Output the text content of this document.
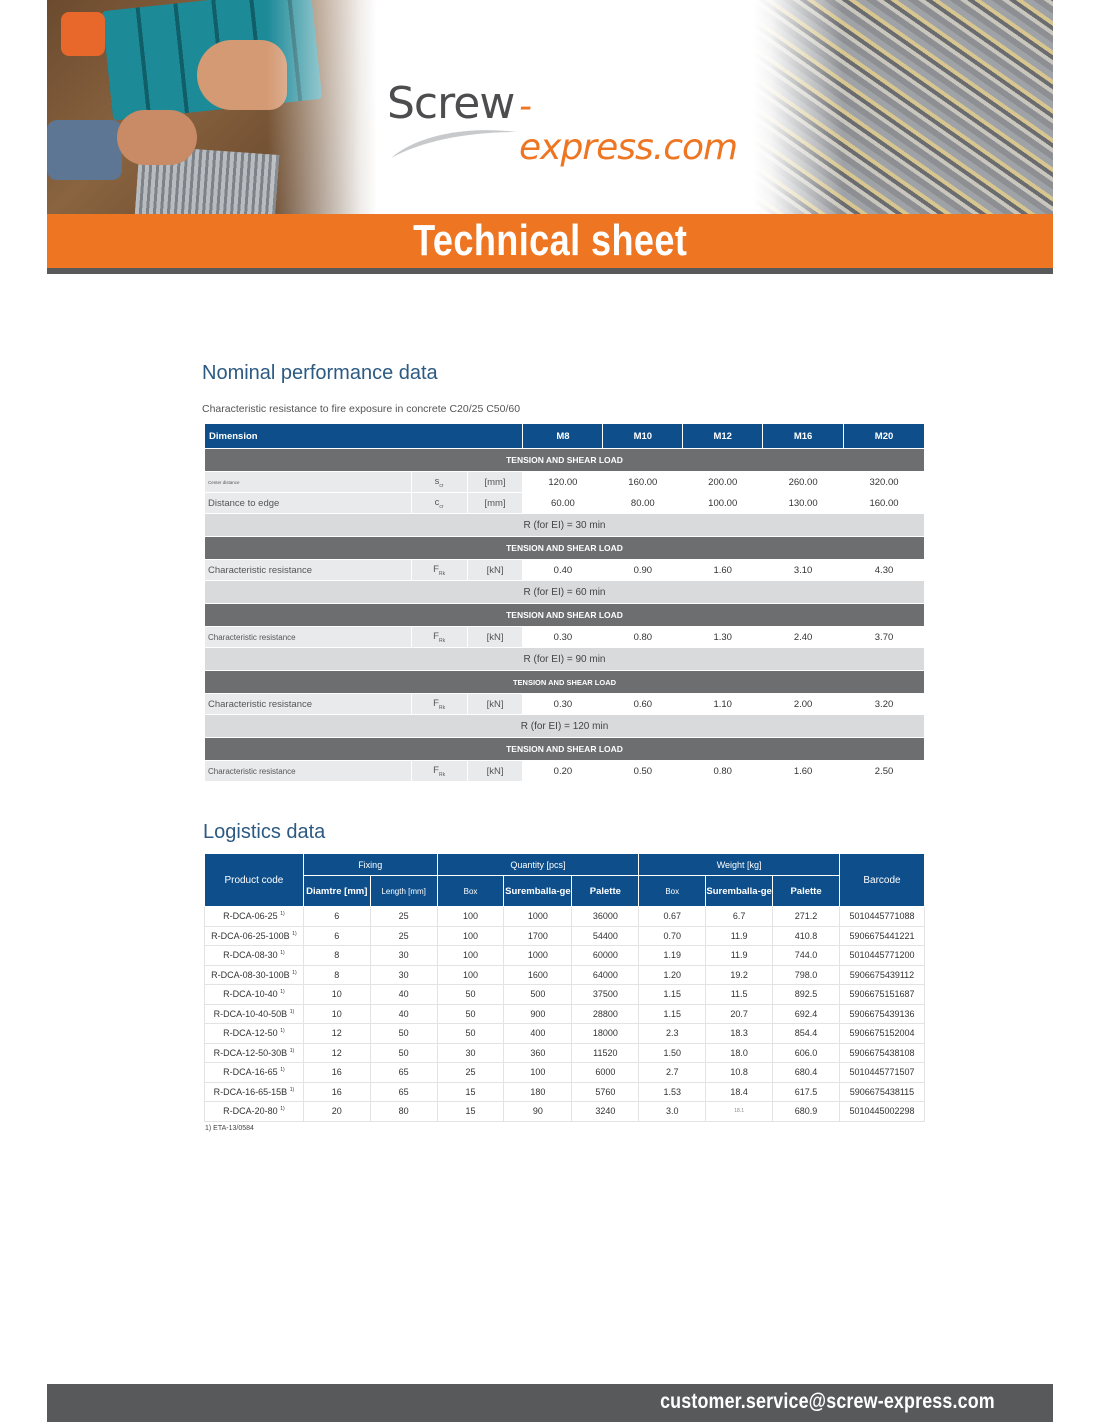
Screw -express.com
Technical sheet
Nominal performance data
Characteristic resistance to fire exposure in concrete C20/25 C50/60
Dimension			M8	M10	M12	M16	M20
TENSION AND SHEAR LOAD							
Center distance	$s_{cr}$	[mm]	120.00	160.00	200.00	260.00	320.00
Distance to edge	$c_{cr}$	[mm]	60.00	80.00	100.00	130.00	160.00
R (for EI) = 30 min							
TENSION AND SHEAR LOAD							
Characteristic resistance	$F_{Rk}$	[kN]	0.40	0.90	1.60	3.10	4.30
R (for EI) = 60 min							
TENSION AND SHEAR LOAD							
Characteristic resistance	$F_{Rk}$	[kN]	0.30	0.80	1.30	2.40	3.70
R (for EI) = 90 min							
TENSION AND SHEAR LOAD							
Characteristic resistance	$F_{Rk}$	[kN]	0.30	0.60	1.10	2.00	3.20
R (for EI) = 120 min							
TENSION AND SHEAR LOAD							
Characteristic resistance	$F_{Rk}$	[kN]	0.20	0.50	0.80	1.60	2.50
Logistics data
Product code	Fixing		Quantity [pcs]			Weight [kg]			Barcode
	Diamtre [mm]	Length [mm]	Box	Suremballa-ge	Palette	Box	Suremballa-ge	Palette	
R-DCA-06-25 $^{1)}$	6	25	100	1000	36000	0.67	6.7	271.2	5010445771088
R-DCA-06-25-100B $^{1)}$	6	25	100	1700	54400	0.70	11.9	410.8	5906675441221
R-DCA-08-30 $^{1)}$	8	30	100	1000	60000	1.19	11.9	744.0	5010445771200
R-DCA-08-30-100B $^{1)}$	8	30	100	1600	64000	1.20	19.2	798.0	5906675439112
R-DCA-10-40 $^{1)}$	10	40	50	500	37500	1.15	11.5	892.5	5906675151687
R-DCA-10-40-50B $^{1)}$	10	40	50	900	28800	1.15	20.7	692.4	5906675439136
R-DCA-12-50 $^{1)}$	12	50	50	400	18000	2.3	18.3	854.4	5906675152004
R-DCA-12-50-30B $^{1)}$	12	50	30	360	11520	1.50	18.0	606.0	5906675438108
R-DCA-16-65 $^{1)}$	16	65	25	100	6000	2.7	10.8	680.4	5010445771507
R-DCA-16-65-15B $^{1)}$	16	65	15	180	5760	1.53	18.4	617.5	5906675438115
R-DCA-20-80 $^{1)}$	20	80	15	90	3240	3.0	18.1	680.9	5010445002298
1) ETA-13/0584
customer.service@screw-express.com
